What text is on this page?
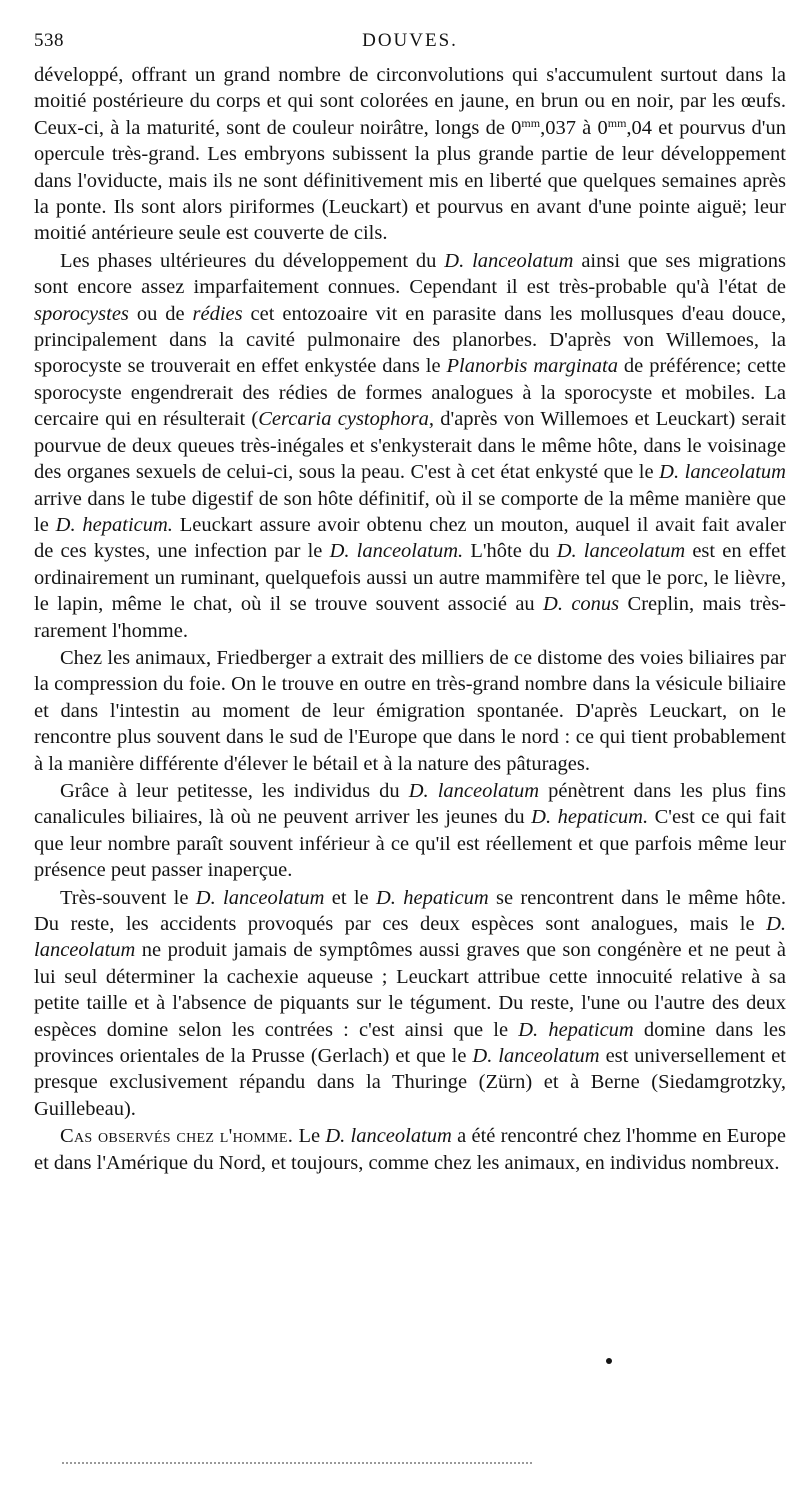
538	DOUVES.

développé, offrant un grand nombre de circonvolutions qui s'accumulent surtout dans la moitié postérieure du corps et qui sont colorées en jaune, en brun ou en noir, par les œufs. Ceux-ci, à la maturité, sont de couleur noirâtre, longs de $0^{mm},037$ à $0^{mm},04$ et pourvus d'un opercule très-grand. Les embryons subissent la plus grande partie de leur développement dans l'oviducte, mais ils ne sont définitivement mis en liberté que quelques semaines après la ponte. Ils sont alors piriformes (Leuckart) et pourvus en avant d'une pointe aiguë; leur moitié antérieure seule est couverte de cils.

Les phases ultérieures du développement du D. lanceolatum ainsi que ses migrations sont encore assez imparfaitement connues. Cependant il est très-probable qu'à l'état de sporocystes ou de rédies cet entozoaire vit en parasite dans les mollusques d'eau douce, principalement dans la cavité pulmonaire des planorbes. D'après von Willemoes, la sporocyste se trouverait en effet enkystée dans le Planorbis marginata de préférence; cette sporocyste engendrerait des rédies de formes analogues à la sporocyste et mobiles. La cercaire qui en résulterait (Cercaria cystophora, d'après von Willemoes et Leuckart) serait pourvue de deux queues très-inégales et s'enkysterait dans le même hôte, dans le voisinage des organes sexuels de celui-ci, sous la peau. C'est à cet état enkysté que le D. lanceolatum arrive dans le tube digestif de son hôte définitif, où il se comporte de la même manière que le D. hepaticum. Leuckart assure avoir obtenu chez un mouton, auquel il avait fait avaler de ces kystes, une infection par le D. lanceolatum. L'hôte du D. lanceolatum est en effet ordinairement un ruminant, quelquefois aussi un autre mammifère tel que le porc, le lièvre, le lapin, même le chat, où il se trouve souvent associé au D. conus Creplin, mais très-rarement l'homme.

Chez les animaux, Friedberger a extrait des milliers de ce distome des voies biliaires par la compression du foie. On le trouve en outre en très-grand nombre dans la vésicule biliaire et dans l'intestin au moment de leur émigration spontanée. D'après Leuckart, on le rencontre plus souvent dans le sud de l'Europe que dans le nord : ce qui tient probablement à la manière différente d'élever le bétail et à la nature des pâturages.

Grâce à leur petitesse, les individus du D. lanceolatum pénètrent dans les plus fins canalicules biliaires, là où ne peuvent arriver les jeunes du D. hepaticum. C'est ce qui fait que leur nombre paraît souvent inférieur à ce qu'il est réellement et que parfois même leur présence peut passer inaperçue.

Très-souvent le D. lanceolatum et le D. hepaticum se rencontrent dans le même hôte. Du reste, les accidents provoqués par ces deux espèces sont analogues, mais le D. lanceolatum ne produit jamais de symptômes aussi graves que son congénère et ne peut à lui seul déterminer la cachexie aqueuse ; Leuckart attribue cette innocuité relative à sa petite taille et à l'absence de piquants sur le tégument. Du reste, l'une ou l'autre des deux espèces domine selon les contrées : c'est ainsi que le D. hepaticum domine dans les provinces orientales de la Prusse (Gerlach) et que le D. lanceolatum est universellement et presque exclusivement répandu dans la Thuringe (Zürn) et à Berne (Siedamgrotzky, Guillebeau).

Cas observés chez l'homme. Le D. lanceolatum a été rencontré chez l'homme en Europe et dans l'Amérique du Nord, et toujours, comme chez les animaux, en individus nombreux.
